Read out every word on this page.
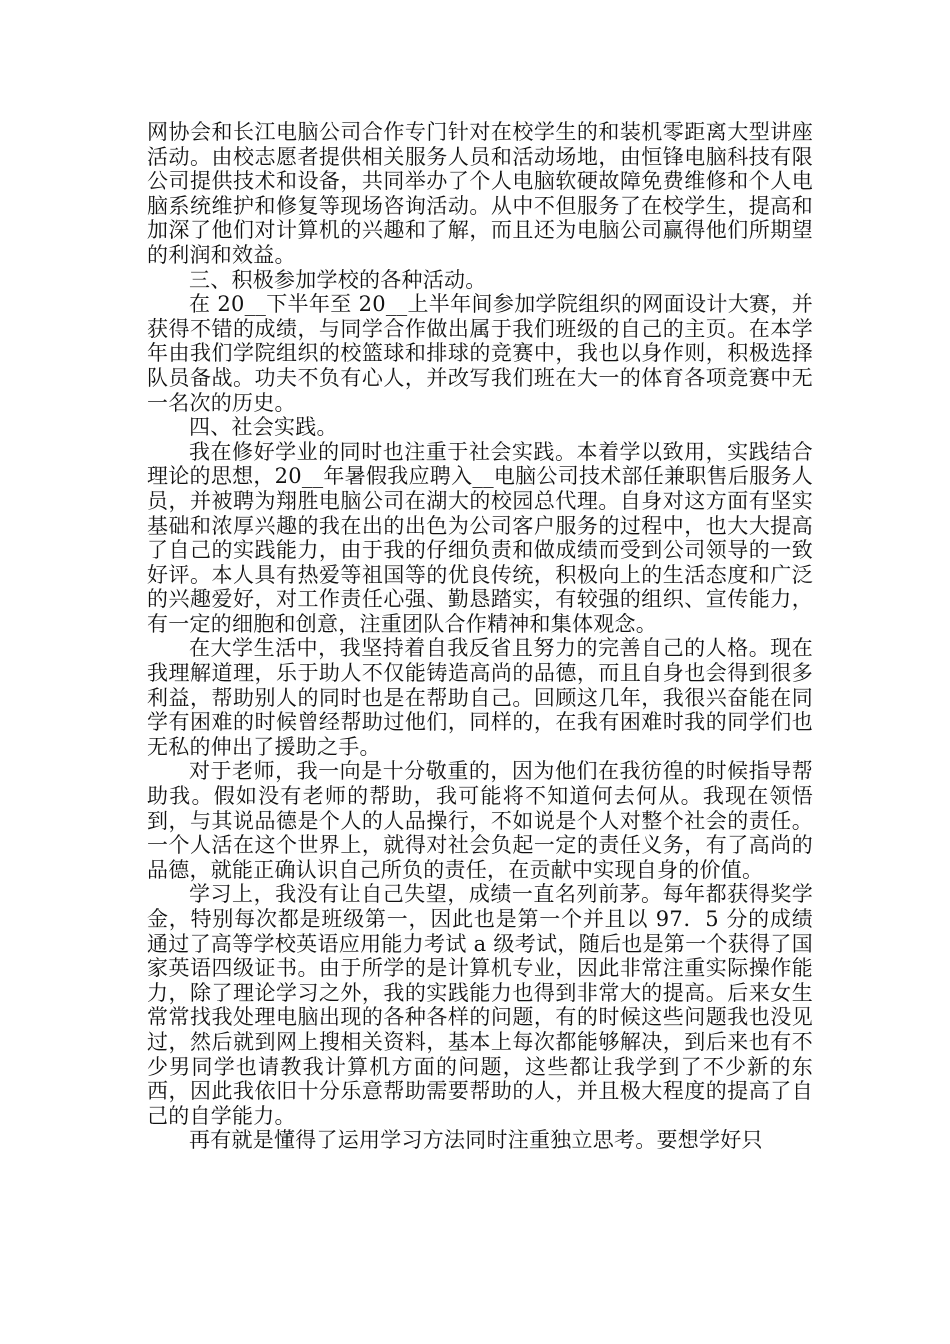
网协会和长江电脑公司合作专门针对在校学生的和装机零距离大型讲座活动。由校志愿者提供相关服务人员和活动场地，由恒锋电脑科技有限公司提供技术和设备，共同举办了个人电脑软硬故障免费维修和个人电脑系统维护和修复等现场咨询活动。从中不但服务了在校学生，提高和加深了他们对计算机的兴趣和了解，而且还为电脑公司赢得他们所期望的利润和效益。

三、积极参加学校的各种活动。

在 20__下半年至 20__上半年间参加学院组织的网面设计大赛，并获得不错的成绩，与同学合作做出属于我们班级的自己的主页。在本学年由我们学院组织的校篮球和排球的竞赛中，我也以身作则，积极选择队员备战。功夫不负有心人，并改写我们班在大一的体育各项竞赛中无一名次的历史。

四、社会实践。

我在修好学业的同时也注重于社会实践。本着学以致用，实践结合理论的思想，20__年暑假我应聘入__电脑公司技术部任兼职售后服务人员，并被聘为翔胜电脑公司在湖大的校园总代理。自身对这方面有坚实基础和浓厚兴趣的我在出的出色为公司客户服务的过程中，也大大提高了自己的实践能力，由于我的仔细负责和做成绩而受到公司领导的一致好评。本人具有热爱等祖国等的优良传统，积极向上的生活态度和广泛的兴趣爱好，对工作责任心强、勤恳踏实，有较强的组织、宣传能力，有一定的细胞和创意，注重团队合作精神和集体观念。

在大学生活中，我坚持着自我反省且努力的完善自己的人格。现在我理解道理，乐于助人不仅能铸造高尚的品德，而且自身也会得到很多利益，帮助别人的同时也是在帮助自己。回顾这几年，我很兴奋能在同学有困难的时候曾经帮助过他们，同样的，在我有困难时我的同学们也无私的伸出了援助之手。

对于老师，我一向是十分敬重的，因为他们在我彷徨的时候指导帮助我。假如没有老师的帮助，我可能将不知道何去何从。我现在领悟到，与其说品德是个人的人品操行，不如说是个人对整个社会的责任。一个人活在这个世界上，就得对社会负起一定的责任义务，有了高尚的品德，就能正确认识自己所负的责任，在贡献中实现自身的价值。

学习上，我没有让自己失望，成绩一直名列前茅。每年都获得奖学金，特别每次都是班级第一，因此也是第一个并且以 97．5 分的成绩通过了高等学校英语应用能力考试 a 级考试，随后也是第一个获得了国家英语四级证书。由于所学的是计算机专业，因此非常注重实际操作能力，除了理论学习之外，我的实践能力也得到非常大的提高。后来女生常常找我处理电脑出现的各种各样的问题，有的时候这些问题我也没见过，然后就到网上搜相关资料，基本上每次都能够解决，到后来也有不少男同学也请教我计算机方面的问题，这些都让我学到了不少新的东西，因此我依旧十分乐意帮助需要帮助的人，并且极大程度的提高了自己的自学能力。

再有就是懂得了运用学习方法同时注重独立思考。要想学好只
